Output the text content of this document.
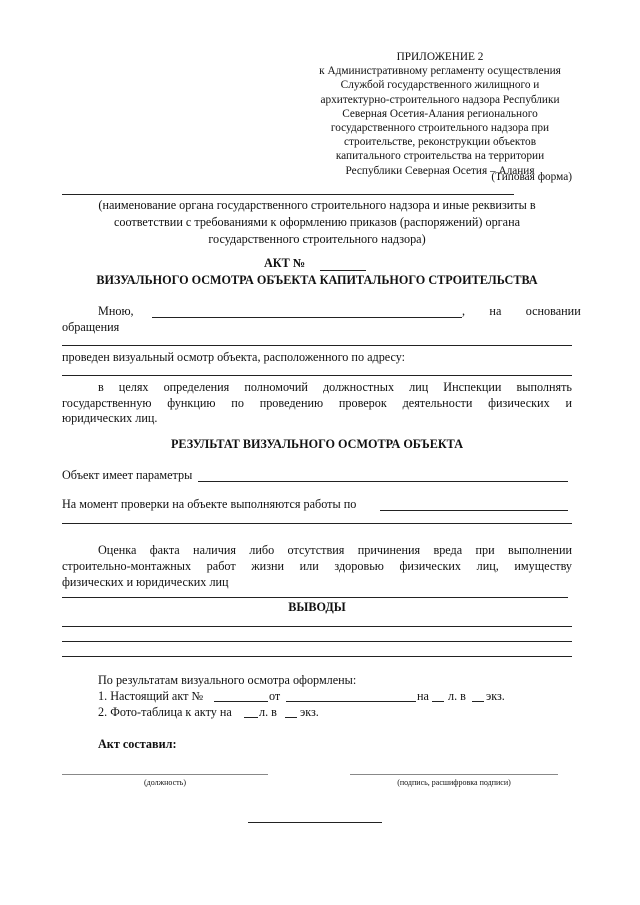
ПРИЛОЖЕНИЕ 2
к Административному регламенту осуществления
Службой государственного жилищного и
архитектурно-строительного надзора Республики
Северная Осетия-Алания регионального
государственного строительного надзора при
строительстве, реконструкции объектов
капитального строительства на территории
Республики Северная Осетия – Алания
(Типовая форма)
(наименование органа государственного строительного надзора и иные реквизиты в
соответствии с требованиями к оформлению приказов (распоряжений) органа
государственного строительного надзора)
АКТ №
ВИЗУАЛЬНОГО ОСМОТРА ОБЪЕКТА КАПИТАЛЬНОГО СТРОИТЕЛЬСТВА
Мною,	,        на        основании
обращения
проведен визуальный осмотр объекта, расположенного по адресу:
в целях определения полномочий должностных лиц Инспекции выполнять
государственную функцию по проведению проверок деятельности физических и
юридических лиц.
РЕЗУЛЬТАТ ВИЗУАЛЬНОГО ОСМОТРА ОБЪЕКТА
Объект имеет параметры
На момент проверки на объекте выполняются работы по
Оценка факта наличия либо отсутствия причинения вреда при выполнении
строительно-монтажных работ жизни или здоровью физических лиц, имуществу
физических и юридических лиц
ВЫВОДЫ
По результатам визуального осмотра оформлены:
1. Настоящий акт №	от	на л. в экз.
2. Фото-таблица к акту на л. в экз.
Акт составил:
(должность)	(подпись, расшифровка подписи)
